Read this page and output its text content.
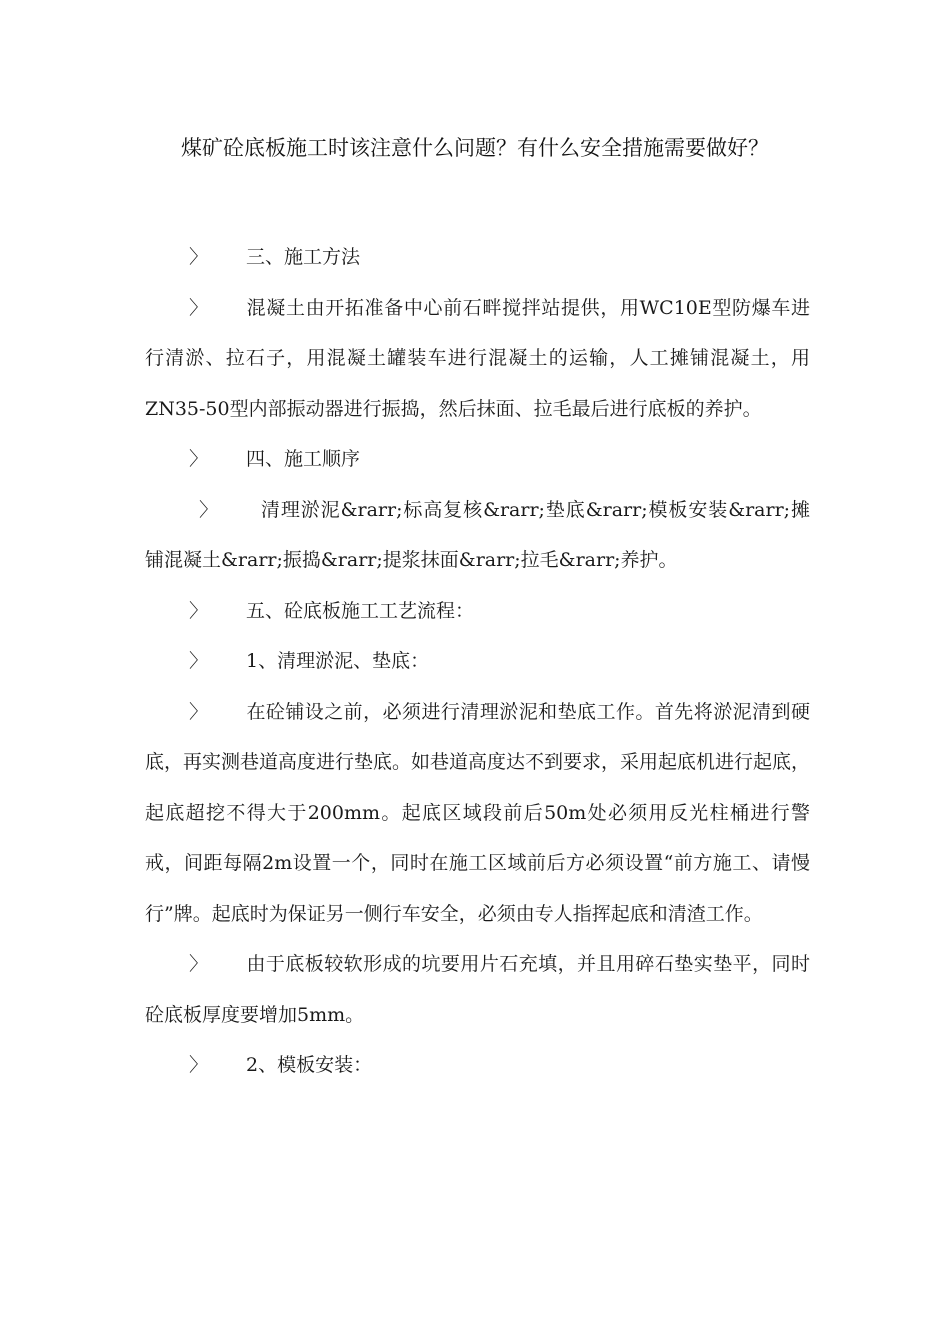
煤矿砼底板施工时该注意什么问题？有什么安全措施需要做好？

〉 三、施工方法

〉 混凝土由开拓准备中心前石畔搅拌站提供，用WC10E型防爆车进行清淤、拉石子，用混凝土罐装车进行混凝土的运输，人工摊铺混凝土，用ZN35-50型内部振动器进行振捣，然后抹面、拉毛最后进行底板的养护。

〉 四、施工顺序

〉 清理淤泥&rarr;标高复核&rarr;垫底&rarr;模板安装&rarr;摊铺混凝土&rarr;振捣&rarr;提浆抹面&rarr;拉毛&rarr;养护。

〉 五、砼底板施工工艺流程：

〉 1、清理淤泥、垫底：

〉 在砼铺设之前，必须进行清理淤泥和垫底工作。首先将淤泥清到硬底，再实测巷道高度进行垫底。如巷道高度达不到要求，采用起底机进行起底，起底超挖不得大于200mm。起底区域段前后50m处必须用反光柱桶进行警戒，间距每隔2m设置一个，同时在施工区域前后方必须设置“前方施工、请慢行”牌。起底时为保证另一侧行车安全，必须由专人指挥起底和清渣工作。

〉 由于底板较软形成的坑要用片石充填，并且用碎石垫实垫平，同时砼底板厚度要增加5mm。

〉 2、模板安装：
